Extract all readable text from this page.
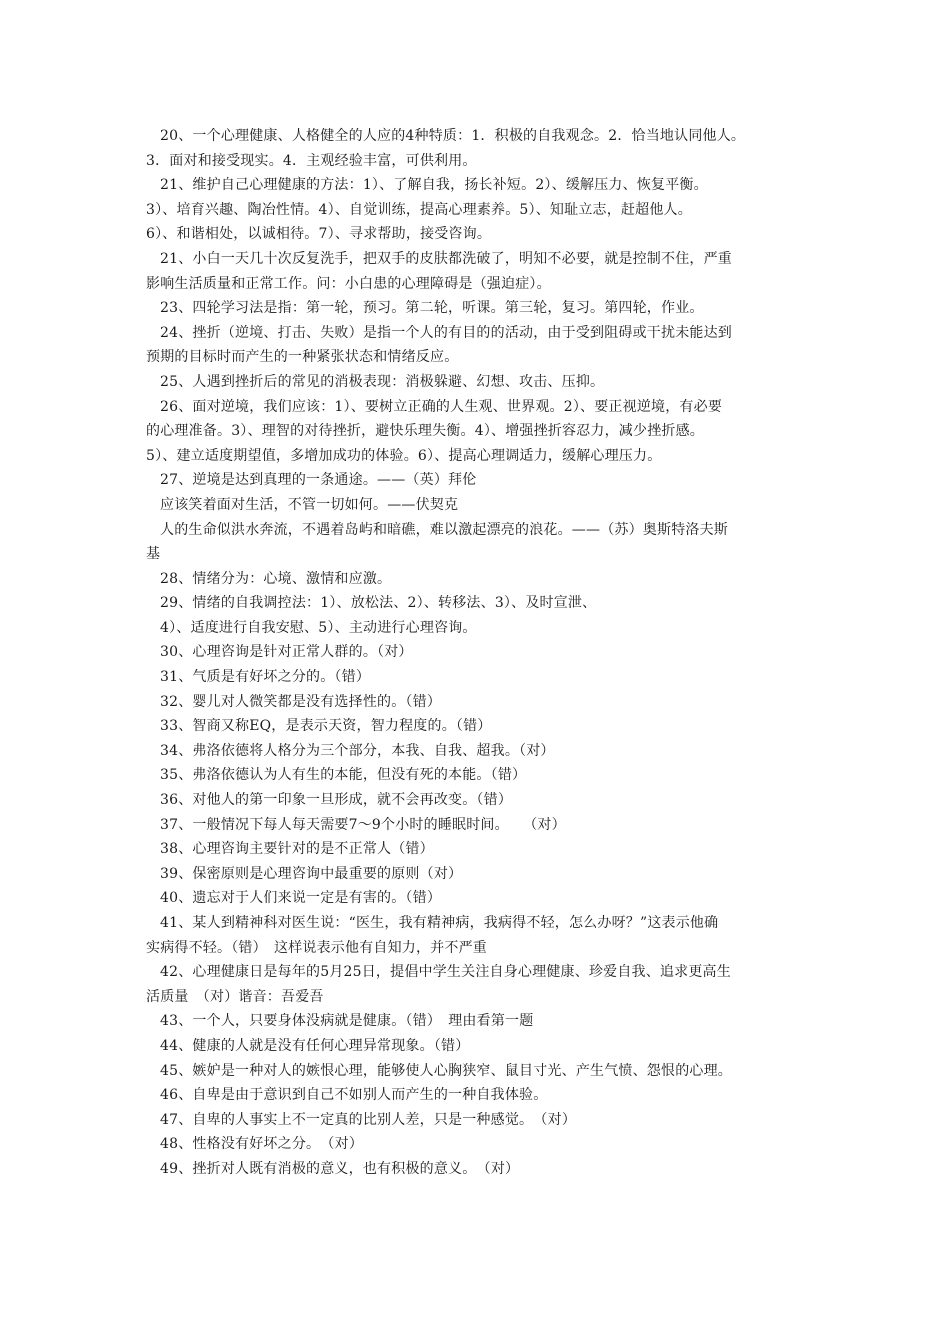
20、一个心理健康、人格健全的人应的4种特质：1．积极的自我观念。2．恰当地认同他人。

3．面对和接受现实。4．主观经验丰富，可供利用。

21、维护自己心理健康的方法：1）、了解自我，扬长补短。2）、缓解压力、恢复平衡。

3）、培育兴趣、陶冶性情。4）、自觉训练，提高心理素养。5）、知耻立志，赶超他人。

6）、和谐相处，以诚相待。7）、寻求帮助，接受咨询。

21、小白一天几十次反复洗手，把双手的皮肤都洗破了，明知不必要，就是控制不住，严重

影响生活质量和正常工作。问：小白患的心理障碍是（强迫症）。

23、四轮学习法是指：第一轮，预习。第二轮，听课。第三轮，复习。第四轮，作业。

24、挫折（逆境、打击、失败）是指一个人的有目的的活动，由于受到阻碍或干扰未能达到

预期的目标时而产生的一种紧张状态和情绪反应。

25、人遇到挫折后的常见的消极表现：消极躲避、幻想、攻击、压抑。

26、面对逆境，我们应该：1）、要树立正确的人生观、世界观。2）、要正视逆境，有必要

的心理准备。3）、理智的对待挫折，避快乐理失衡。4）、增强挫折容忍力，减少挫折感。

5）、建立适度期望值，多增加成功的体验。6）、提高心理调适力，缓解心理压力。

27、逆境是达到真理的一条通途。——（英）拜伦

应该笑着面对生活，不管一切如何。——伏契克

人的生命似洪水奔流，不遇着岛屿和暗礁，难以激起漂亮的浪花。——（苏）奥斯特洛夫斯

基

28、情绪分为：心境、激情和应激。

29、情绪的自我调控法：1）、放松法、2）、转移法、3）、及时宣泄、

4）、适度进行自我安慰、5）、主动进行心理咨询。

30、心理咨询是针对正常人群的。（对）

31、气质是有好坏之分的。（错）

32、婴儿对人微笑都是没有选择性的。（错）

33、智商又称EQ，是表示天资，智力程度的。（错）

34、弗洛依德将人格分为三个部分，本我、自我、超我。（对）

35、弗洛依德认为人有生的本能，但没有死的本能。（错）

36、对他人的第一印象一旦形成，就不会再改变。（错）

37、一般情况下每人每天需要7～9个小时的睡眠时间。　　（对）

38、心理咨询主要针对的是不正常人（错）

39、保密原则是心理咨询中最重要的原则（对）

40、遗忘对于人们来说一定是有害的。（错）

41、某人到精神科对医生说：“医生，我有精神病，我病得不轻，怎么办呀？”这表示他确

实病得不轻。（错）　这样说表示他有自知力，并不严重

42、心理健康日是每年的5月25日，提倡中学生关注自身心理健康、珍爱自我、追求更高生

活质量　（对）谐音：吾爱吾

43、一个人，只要身体没病就是健康。（错）　理由看第一题

44、健康的人就是没有任何心理异常现象。（错）

45、嫉妒是一种对人的嫉恨心理，能够使人心胸狭窄、鼠目寸光、产生气愤、怨恨的心理。

46、自卑是由于意识到自己不如别人而产生的一种自我体验。

47、自卑的人事实上不一定真的比别人差，只是一种感觉。　（对）

48、性格没有好坏之分。　（对）

49、挫折对人既有消极的意义，也有积极的意义。　（对）
